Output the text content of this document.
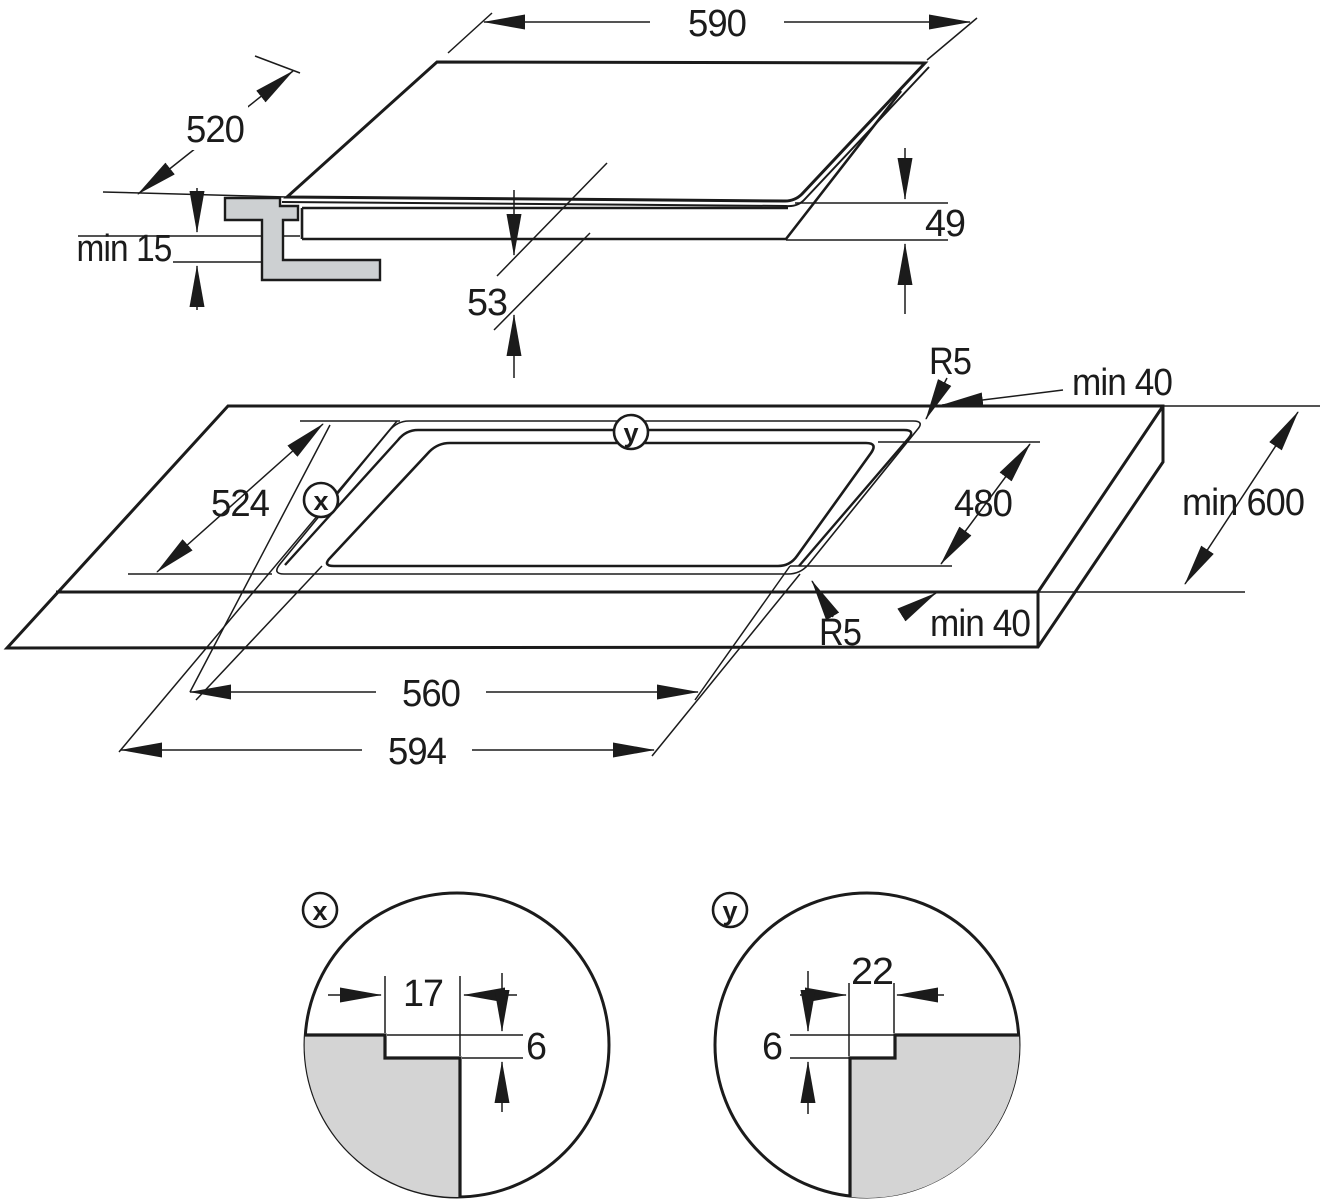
590
520
min 15
53
49
524	480	min 600
560
594
R5	min 40
R5 min 40
x
y
17
6
x
22
6
y
